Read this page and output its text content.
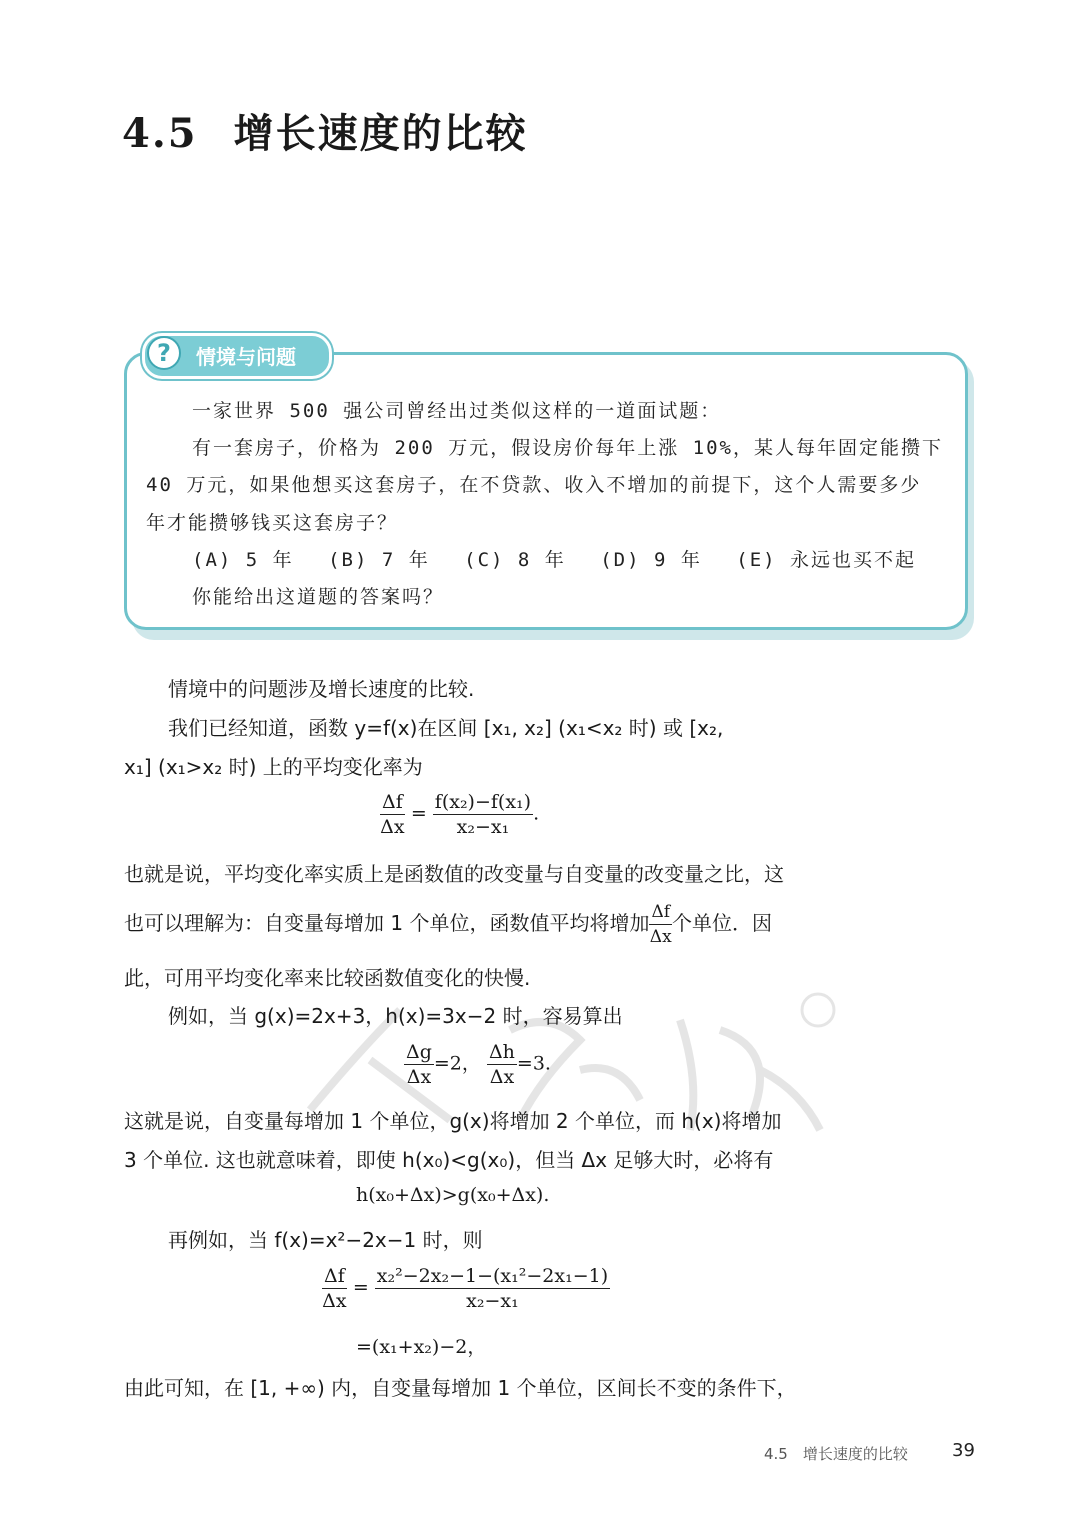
4.5 增长速度的比较
?	情境与问题
一家世界 500 强公司曾经出过类似这样的一道面试题：
有一套房子，价格为 200 万元，假设房价每年上涨 10%，某人每年固定能攒下
40 万元，如果他想买这套房子，在不贷款、收入不增加的前提下，这个人需要多少
年才能攒够钱买这套房子？
(A) 5 年　 (B) 7 年　 (C) 8 年　 (D) 9 年　 (E) 永远也买不起
你能给出这道题的答案吗？
情境中的问题涉及增长速度的比较.
我们已经知道，函数 y=f(x)在区间 [x₁, x₂] (x₁<x₂ 时) 或 [x₂,
x₁] (x₁>x₂ 时) 上的平均变化率为
$\frac{\Delta f}{\Delta x} = \frac{\text{f(x₂)−f(x₁)}}{\text{x₂−x₁}}$ .
也就是说，平均变化率实质上是函数值的改变量与自变量的改变量之比，这
也可以理解为：自变量每增加 1 个单位，函数值平均将增加 $\frac{\Delta f}{\Delta x}$ 个单位．因
此，可用平均变化率来比较函数值变化的快慢.
例如，当 g(x)=2x+3，h(x)=3x−2 时，容易算出
$\frac{\Delta g}{\Delta x} =2$， $\frac{\Delta h}{\Delta x} =3$.
这就是说，自变量每增加 1 个单位，g(x)将增加 2 个单位，而 h(x)将增加
3 个单位. 这也就意味着，即使 h(x₀)<g(x₀)，但当 Δx 足够大时，必将有
h(x₀+Δx)>g(x₀+Δx).
再例如，当 f(x)=x²−2x−1 时，则
$\frac{\Delta f}{\Delta x} = \frac{\text{x₂²−2x₂−1−(x₁²−2x₁−1)}}{\text{x₂−x₁}}$
=(x₁+x₂)−2，
由此可知，在 [1, +∞) 内，自变量每增加 1 个单位，区间长不变的条件下，
4.5　增长速度的比较 39
